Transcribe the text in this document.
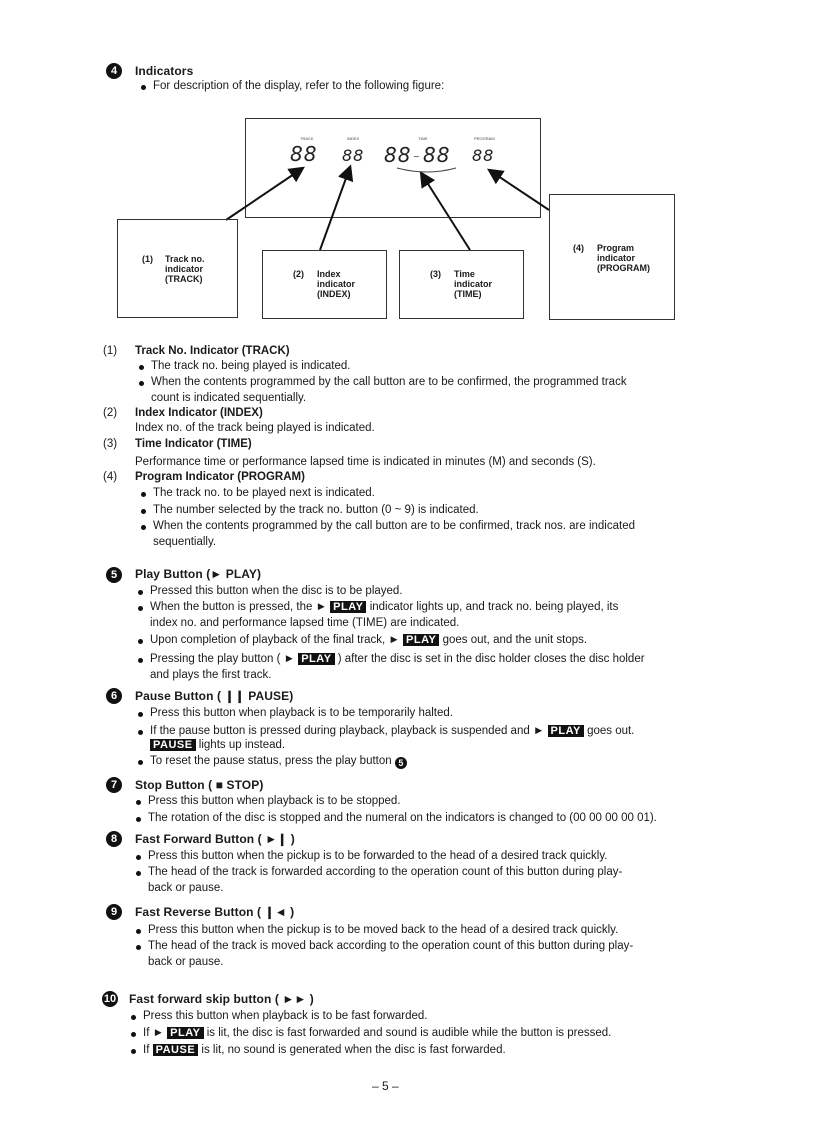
4	Indicators
For description of the display, refer to the following figure:
TRACK	INDEX	TIME	PROGRAM
88 88 88 ~ 88 88
(1) Track no.
indicator
(TRACK)	(2) Index
indicator
(INDEX)
(3) Time
indicator
(TIME)
(4) Program
indicator
(PROGRAM)
(1) Track No. Indicator (TRACK)
The track no. being played is indicated.
When the contents programmed by the call button are to be confirmed, the programmed track
count is indicated sequentially.
(2) Index Indicator (INDEX)
Index no. of the track being played is indicated.
(3) Time Indicator (TIME)
Performance time or performance lapsed time is indicated in minutes (M) and seconds (S).
(4) Program Indicator (PROGRAM)
The track no. to be played next is indicated.
The number selected by the track no. button (0 ~ 9) is indicated.
When the contents programmed by the call button are to be confirmed, track nos. are indicated
sequentially.
5	Play Button (► PLAY)
Pressed this button when the disc is to be played.
When the button is pressed, the ► PLAY indicator lights up, and track no. being played, its
index no. and performance lapsed time (TIME) are indicated.
Upon completion of playback of the final track, ► PLAY goes out, and the unit stops.
Pressing the play button ( ► PLAY ) after the disc is set in the disc holder closes the disc holder
and plays the first track.
6	Pause Button ( ❙❙ PAUSE)
Press this button when playback is to be temporarily halted.
If the pause button is pressed during playback, playback is suspended and ► PLAY goes out.
PAUSE lights up instead.
To reset the pause status, press the play button 5
7	Stop Button ( ■ STOP)
Press this button when playback is to be stopped.
The rotation of the disc is stopped and the numeral on the indicators is changed to (00 00 00 00 01).
8	Fast Forward Button ( ►❙ )
Press this button when the pickup is to be forwarded to the head of a desired track quickly.
The head of the track is forwarded according to the operation count of this button during play-
back or pause.
9	Fast Reverse Button ( ❙◄ )
Press this button when the pickup is to be moved back to the head of a desired track quickly.
The head of the track is moved back according to the operation count of this button during play-
back or pause.
10 Fast forward skip button ( ►► )
Press this button when playback is to be fast forwarded.
If ► PLAY is lit, the disc is fast forwarded and sound is audible while the button is pressed.
If PAUSE is lit, no sound is generated when the disc is fast forwarded.
– 5 –
